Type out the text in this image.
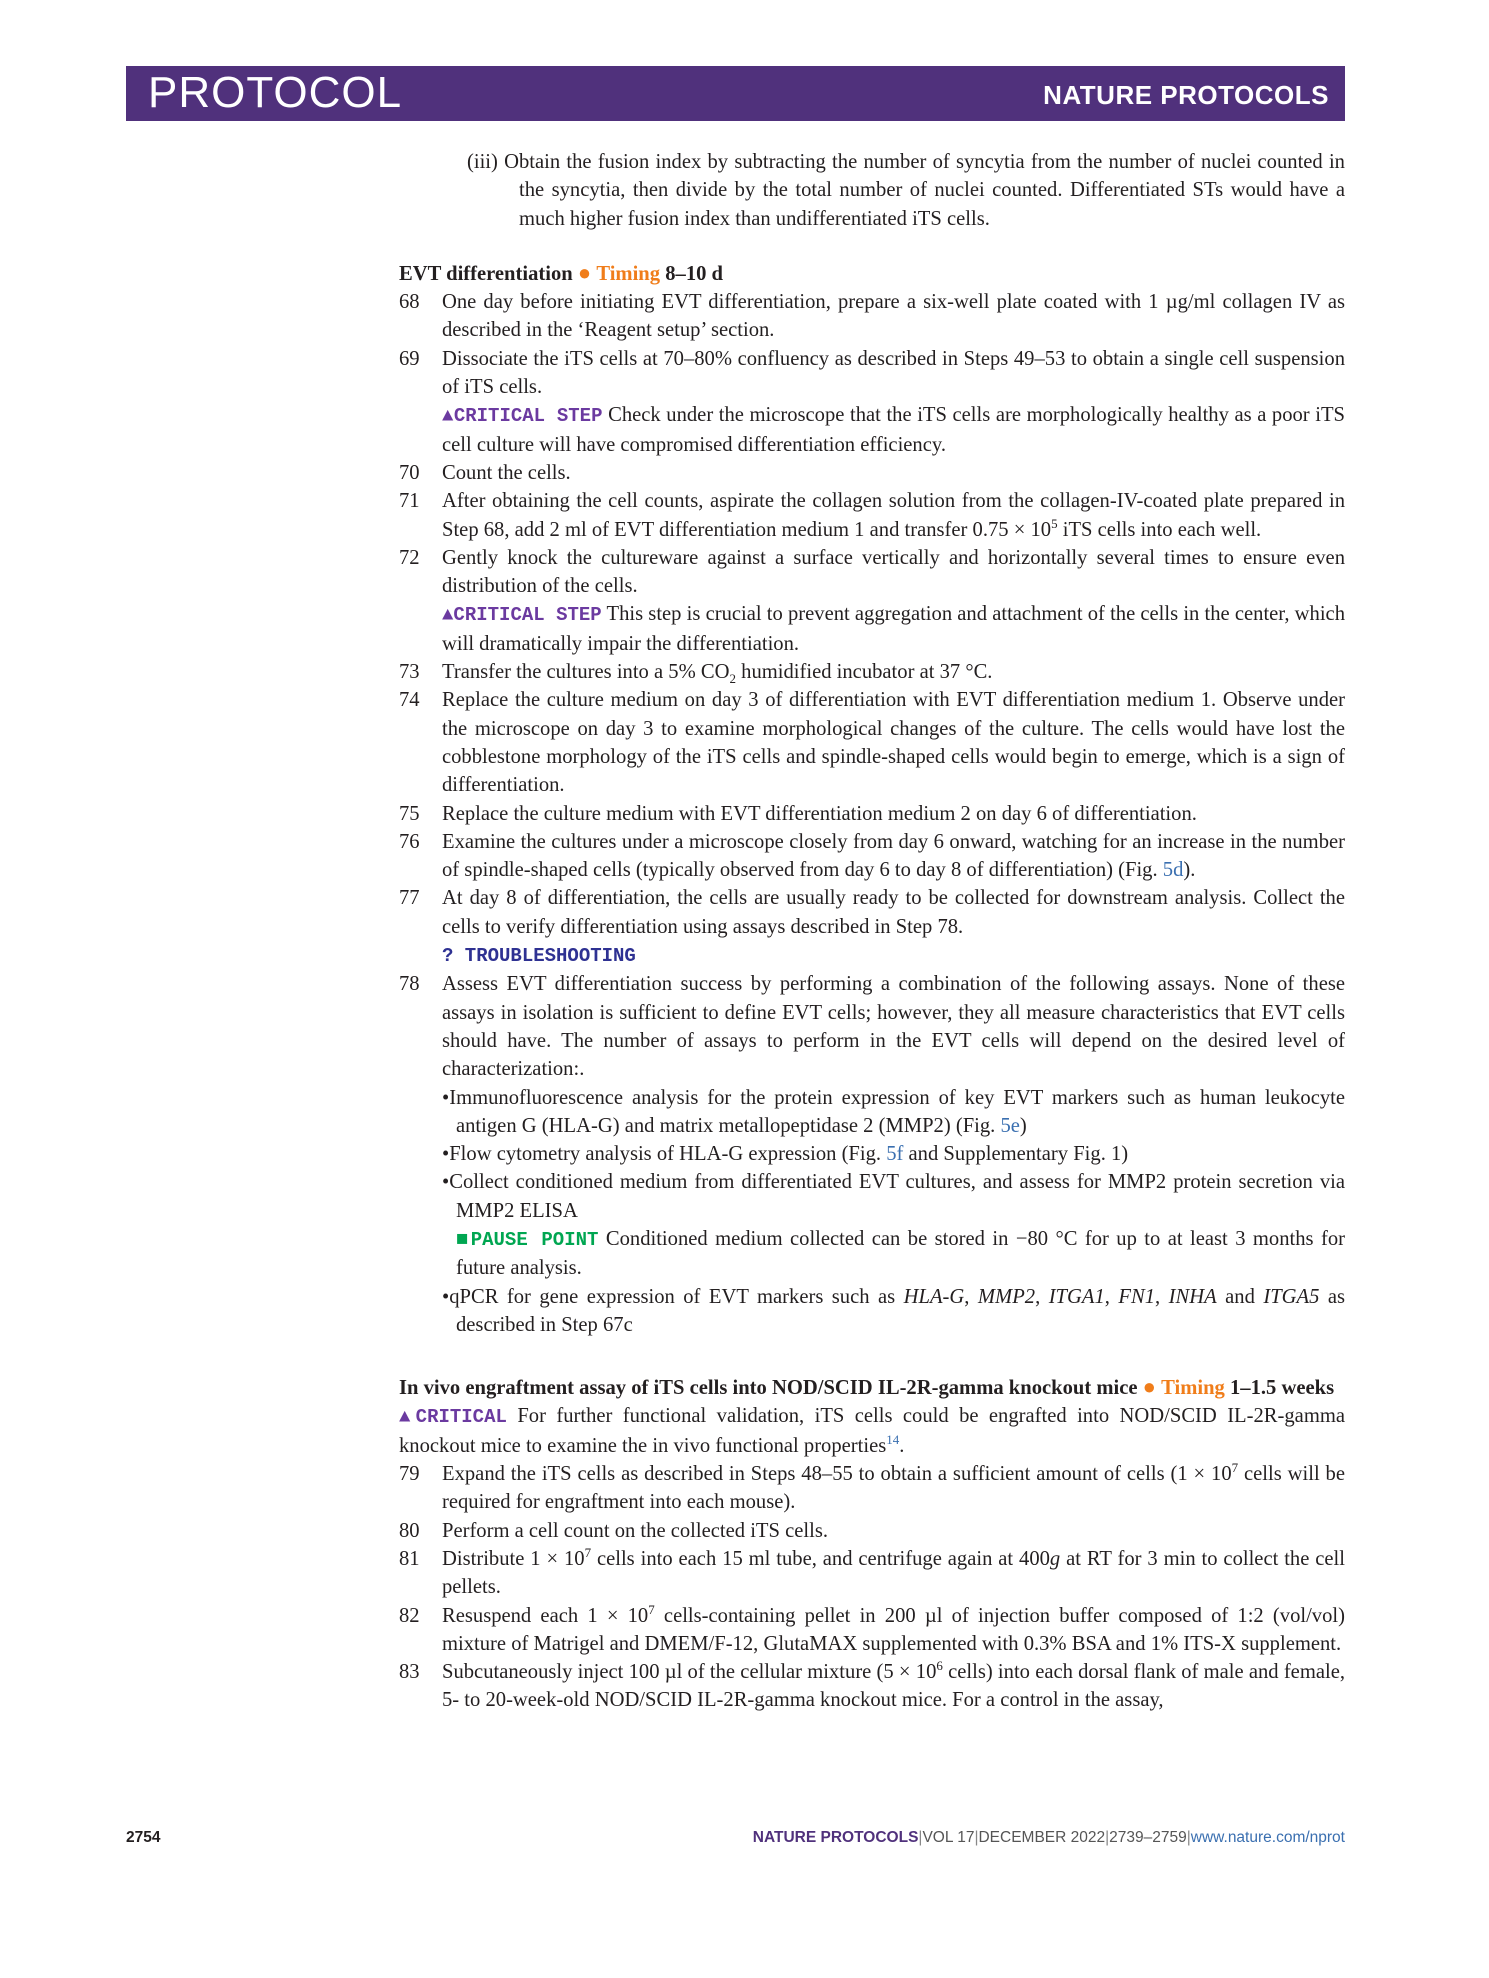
PROTOCOL	NATURE PROTOCOLS

(iii) Obtain the fusion index by subtracting the number of syncytia from the number of nuclei counted in the syncytia, then divide by the total number of nuclei counted. Differentiated STs would have a much higher fusion index than undifferentiated iTS cells.

EVT differentiation ● Timing 8–10 d

68	One day before initiating EVT differentiation, prepare a six-well plate coated with 1 µg/ml collagen IV as described in the ‘Reagent setup’ section.
69	Dissociate the iTS cells at 70–80% confluency as described in Steps 49–53 to obtain a single cell suspension of iTS cells.
▲CRITICAL STEP Check under the microscope that the iTS cells are morphologically healthy as a poor iTS cell culture will have compromised differentiation efficiency.
70	Count the cells.
71	After obtaining the cell counts, aspirate the collagen solution from the collagen-IV-coated plate prepared in Step 68, add 2 ml of EVT differentiation medium 1 and transfer $0.75 \times 10^5$ iTS cells into each well.
72	Gently knock the cultureware against a surface vertically and horizontally several times to ensure even distribution of the cells.
▲CRITICAL STEP This step is crucial to prevent aggregation and attachment of the cells in the center, which will dramatically impair the differentiation.
73	Transfer the cultures into a 5% $CO_2$ humidified incubator at 37 °C.
74	Replace the culture medium on day 3 of differentiation with EVT differentiation medium 1. Observe under the microscope on day 3 to examine morphological changes of the culture. The cells would have lost the cobblestone morphology of the iTS cells and spindle-shaped cells would begin to emerge, which is a sign of differentiation.
75	Replace the culture medium with EVT differentiation medium 2 on day 6 of differentiation.
76	Examine the cultures under a microscope closely from day 6 onward, watching for an increase in the number of spindle-shaped cells (typically observed from day 6 to day 8 of differentiation) (Fig. 5d).
77	At day 8 of differentiation, the cells are usually ready to be collected for downstream analysis. Collect the cells to verify differentiation using assays described in Step 78.
? TROUBLESHOOTING
78	Assess EVT differentiation success by performing a combination of the following assays. None of these assays in isolation is sufficient to define EVT cells; however, they all measure characteristics that EVT cells should have. The number of assays to perform in the EVT cells will depend on the desired level of characterization:.
•Immunofluorescence analysis for the protein expression of key EVT markers such as human leukocyte antigen G (HLA-G) and matrix metallopeptidase 2 (MMP2) (Fig. 5e)
•Flow cytometry analysis of HLA-G expression (Fig. 5f and Supplementary Fig. 1)
•Collect conditioned medium from differentiated EVT cultures, and assess for MMP2 protein secretion via MMP2 ELISA
■PAUSE POINT Conditioned medium collected can be stored in −80 °C for up to at least 3 months for future analysis.
•qPCR for gene expression of EVT markers such as HLA-G, MMP2, ITGA1, FN1, INHA and ITGA5 as described in Step 67c

In vivo engraftment assay of iTS cells into NOD/SCID IL-2R-gamma knockout mice ● Timing 1–1.5 weeks

▲CRITICAL For further functional validation, iTS cells could be engrafted into NOD/SCID IL-2R-gamma knockout mice to examine the in vivo functional properties$^{14}$.

79	Expand the iTS cells as described in Steps 48–55 to obtain a sufficient amount of cells ($1 \times 10^7$ cells will be required for engraftment into each mouse).
80	Perform a cell count on the collected iTS cells.
81	Distribute $1 \times 10^7$ cells into each 15 ml tube, and centrifuge again at 400g at RT for 3 min to collect the cell pellets.
82	Resuspend each $1 \times 10^7$ cells-containing pellet in 200 µl of injection buffer composed of 1:2 (vol/vol) mixture of Matrigel and DMEM/F-12, GlutaMAX supplemented with 0.3% BSA and 1% ITS-X supplement.
83	Subcutaneously inject 100 µl of the cellular mixture ($5 \times 10^6$ cells) into each dorsal flank of male and female, 5- to 20-week-old NOD/SCID IL-2R-gamma knockout mice. For a control in the assay,
2754	NATURE PROTOCOLS|VOL 17|DECEMBER 2022|2739–2759|www.nature.com/nprot
